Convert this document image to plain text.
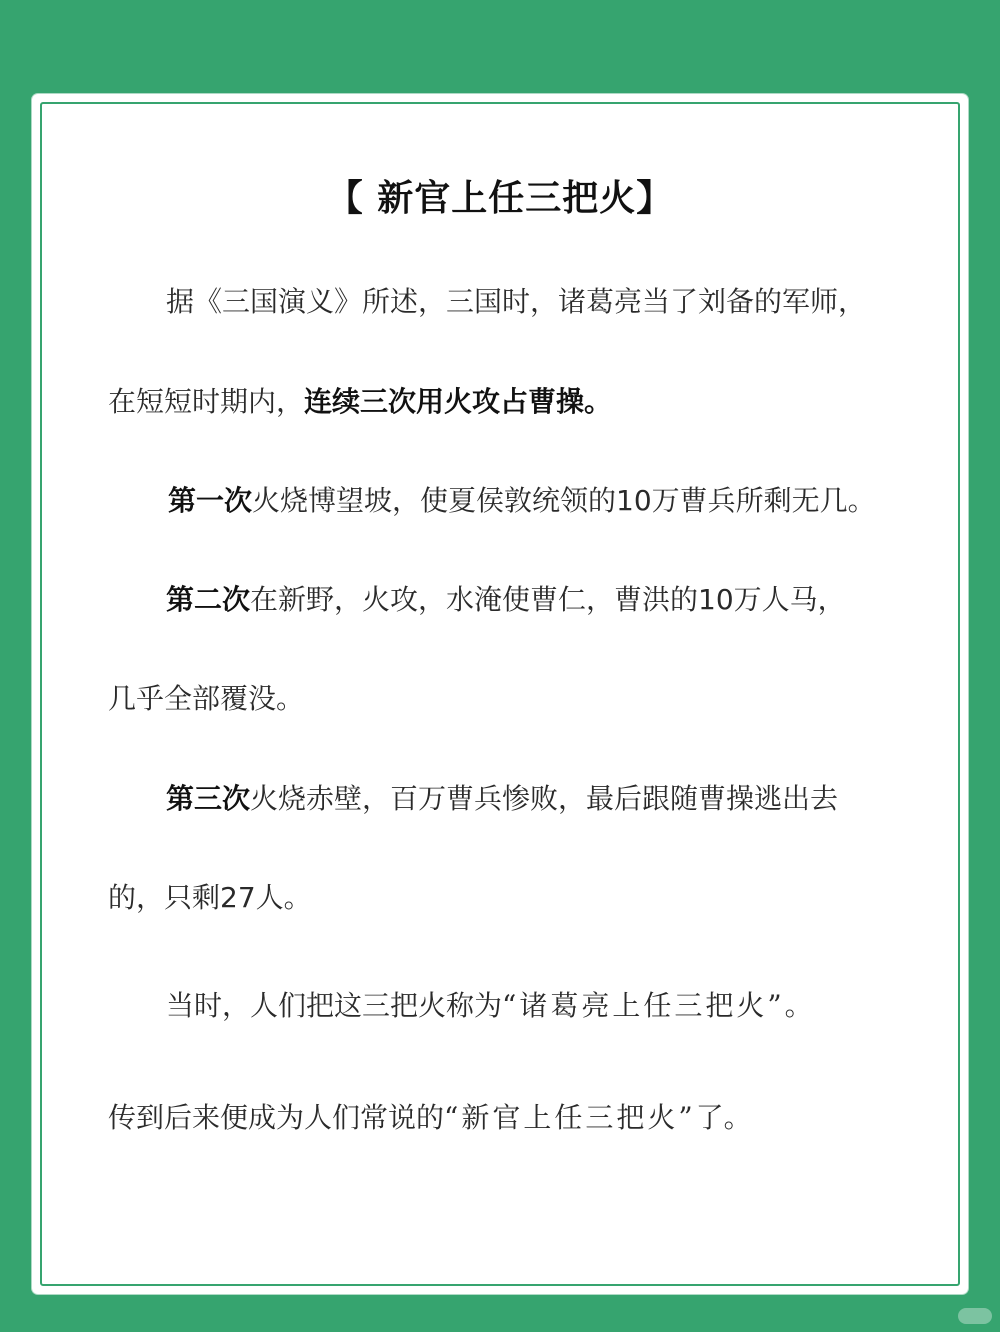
【 新官上任三把火】
据《三国演义》所述，三国时，诸葛亮当了刘备的军师，
在短短时期内，连续三次用火攻占曹操。
第一次火烧博望坡，使夏侯敦统领的10万曹兵所剩无几。
第二次在新野，火攻，水淹使曹仁，曹洪的10万人马，
几乎全部覆没。
第三次火烧赤壁，百万曹兵惨败，最后跟随曹操逃出去
的，只剩27人。
当时，人们把这三把火称为“诸葛亮上任三把火”。
传到后来便成为人们常说的“新官上任三把火”了。
